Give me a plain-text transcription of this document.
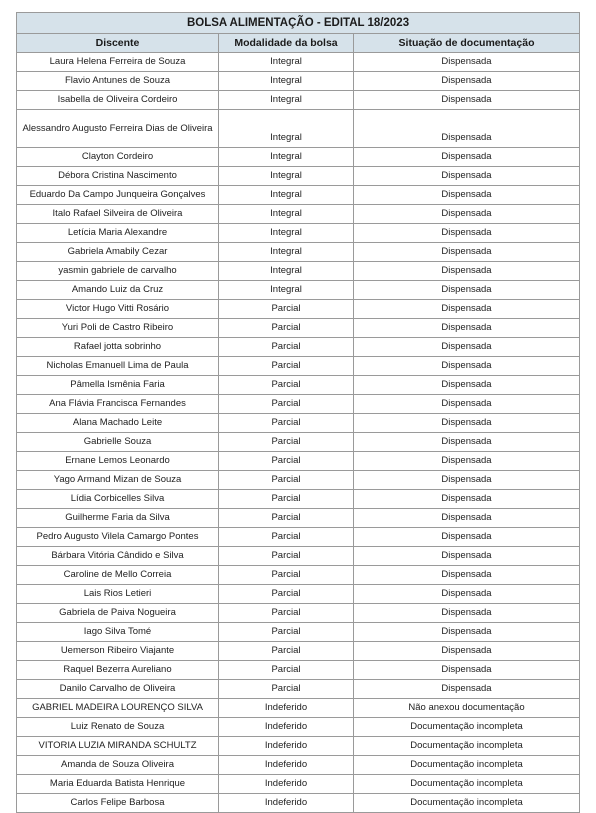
BOLSA ALIMENTAÇÃO - EDITAL 18/2023		
Discente	Modalidade da bolsa	Situação de documentação
Laura Helena Ferreira de Souza	Integral	Dispensada
Flavio Antunes de Souza	Integral	Dispensada
Isabella de Oliveira Cordeiro	Integral	Dispensada
Alessandro Augusto Ferreira Dias de Oliveira	Integral	Dispensada
Clayton Cordeiro	Integral	Dispensada
Débora Cristina Nascimento	Integral	Dispensada
Eduardo Da Campo Junqueira Gonçalves	Integral	Dispensada
Italo Rafael Silveira de Oliveira	Integral	Dispensada
Letícia Maria Alexandre	Integral	Dispensada
Gabriela Amabily Cezar	Integral	Dispensada
yasmin gabriele de carvalho	Integral	Dispensada
Amando Luiz da Cruz	Integral	Dispensada
Victor Hugo Vitti Rosário	Parcial	Dispensada
Yuri Poli de Castro Ribeiro	Parcial	Dispensada
Rafael jotta sobrinho	Parcial	Dispensada
Nicholas Emanuell Lima de Paula	Parcial	Dispensada
Pâmella Ismênia Faria	Parcial	Dispensada
Ana Flávia Francisca Fernandes	Parcial	Dispensada
Alana Machado Leite	Parcial	Dispensada
Gabrielle Souza	Parcial	Dispensada
Ernane Lemos Leonardo	Parcial	Dispensada
Yago Armand Mizan de Souza	Parcial	Dispensada
Lídia Corbicelles Silva	Parcial	Dispensada
Guilherme Faria da Silva	Parcial	Dispensada
Pedro Augusto Vilela Camargo Pontes	Parcial	Dispensada
Bárbara Vitória Cândido e Silva	Parcial	Dispensada
Caroline de Mello Correia	Parcial	Dispensada
Lais Rios Letieri	Parcial	Dispensada
Gabriela de Paiva Nogueira	Parcial	Dispensada
Iago Silva Tomé	Parcial	Dispensada
Uemerson Ribeiro Viajante	Parcial	Dispensada
Raquel Bezerra Aureliano	Parcial	Dispensada
Danilo Carvalho de Oliveira	Parcial	Dispensada
GABRIEL MADEIRA LOURENÇO SILVA	Indeferido	Não anexou documentação
Luiz Renato de Souza	Indeferido	Documentação incompleta
VITORIA LUZIA MIRANDA SCHULTZ	Indeferido	Documentação incompleta
Amanda de Souza Oliveira	Indeferido	Documentação incompleta
Maria Eduarda Batista Henrique	Indeferido	Documentação incompleta
Carlos Felipe Barbosa	Indeferido	Documentação incompleta
